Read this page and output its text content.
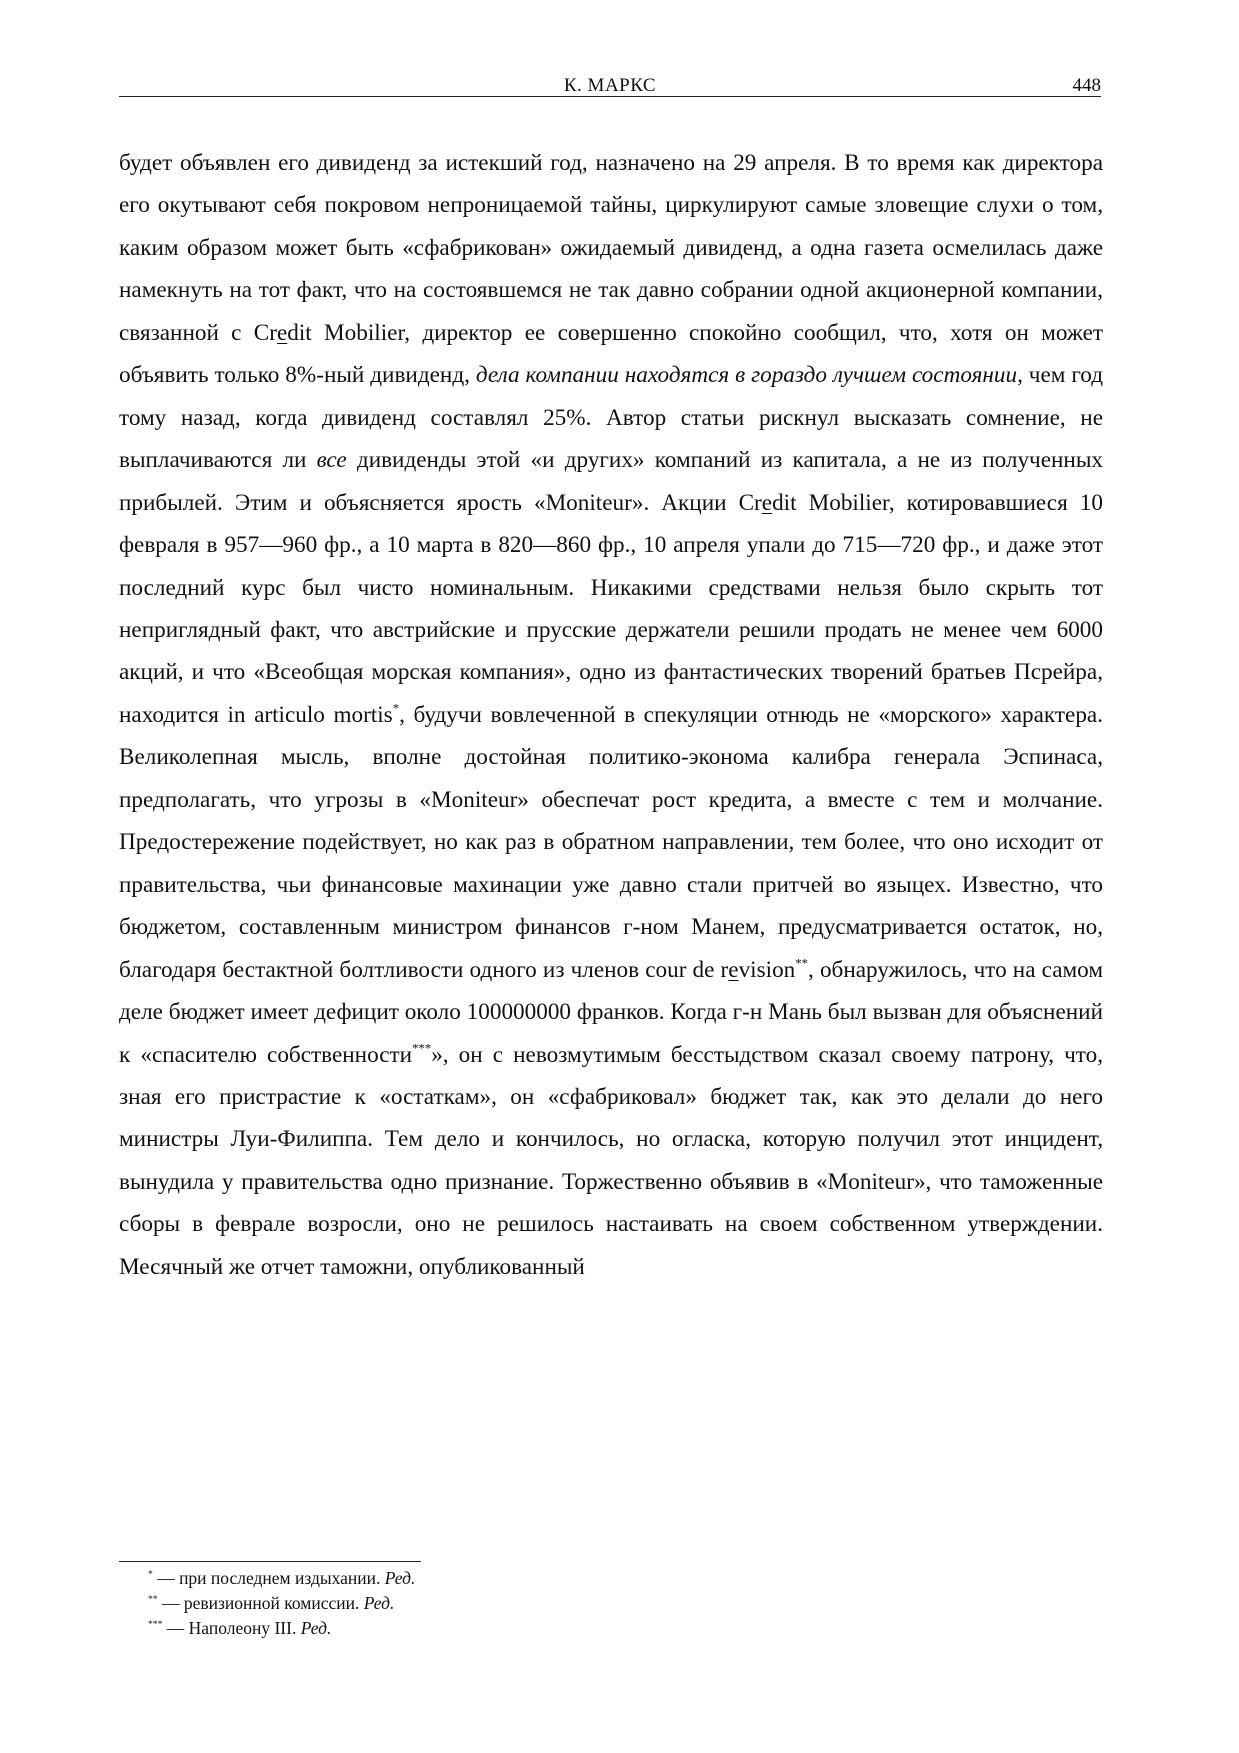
К. МАРКС	448

будет объявлен его дивиденд за истекший год, назначено на 29 апреля. В то время как директора его окутывают себя покровом непроницаемой тайны, циркулируют самые зловещие слухи о том, каким образом может быть «сфабрикован» ожидаемый дивиденд, а одна газета осмелилась даже намекнуть на тот факт, что на состоявшемся не так давно собрании одной акционерной компании, связанной с Credit Mobilier, директор ее совершенно спокойно сообщил, что, хотя он может объявить только 8%-ный дивиденд, дела компании находятся в гораздо лучшем состоянии, чем год тому назад, когда дивиденд составлял 25%. Автор статьи рискнул высказать сомнение, не выплачиваются ли все дивиденды этой «и других» компаний из капитала, а не из полученных прибылей. Этим и объясняется ярость «Moniteur». Акции Credit Mobilier, котировавшиеся 10 февраля в 957—960 фр., а 10 марта в 820—860 фр., 10 апреля упали до 715—720 фр., и даже этот последний курс был чисто номинальным. Никакими средствами нельзя было скрыть тот неприглядный факт, что австрийские и прусские держатели решили продать не менее чем 6000 акций, и что «Всеобщая морская компания», одно из фантастических творений братьев Псрейра, находится in articulo mortis*, будучи вовлеченной в спекуляции отнюдь не «морского» характера. Великолепная мысль, вполне достойная политико-эконома калибра генерала Эспинаса, предполагать, что угрозы в «Moniteur» обеспечат рост кредита, а вместе с тем и молчание. Предостережение подействует, но как раз в обратном направлении, тем более, что оно исходит от правительства, чьи финансовые махинации уже давно стали притчей во языцех. Известно, что бюджетом, составленным министром финансов г-ном Манем, предусматривается остаток, но, благодаря бестактной болтливости одного из членов cour de revision**, обнаружилось, что на самом деле бюджет имеет дефицит около 100000000 франков. Когда г-н Мань был вызван для объяснений к «спасителю собственности***», он с невозмутимым бесстыдством сказал своему патрону, что, зная его пристрастие к «остаткам», он «сфабриковал» бюджет так, как это делали до него министры Луи-Филиппа. Тем дело и кончилось, но огласка, которую получил этот инцидент, вынудила у правительства одно признание. Торжественно объявив в «Moniteur», что таможенные сборы в феврале возросли, оно не решилось настаивать на своем собственном утверждении. Месячный же отчет таможни, опубликованный

* — при последнем издыхании. Ред.
** — ревизионной комиссии. Ред.
*** — Наполеону III. Ред.
